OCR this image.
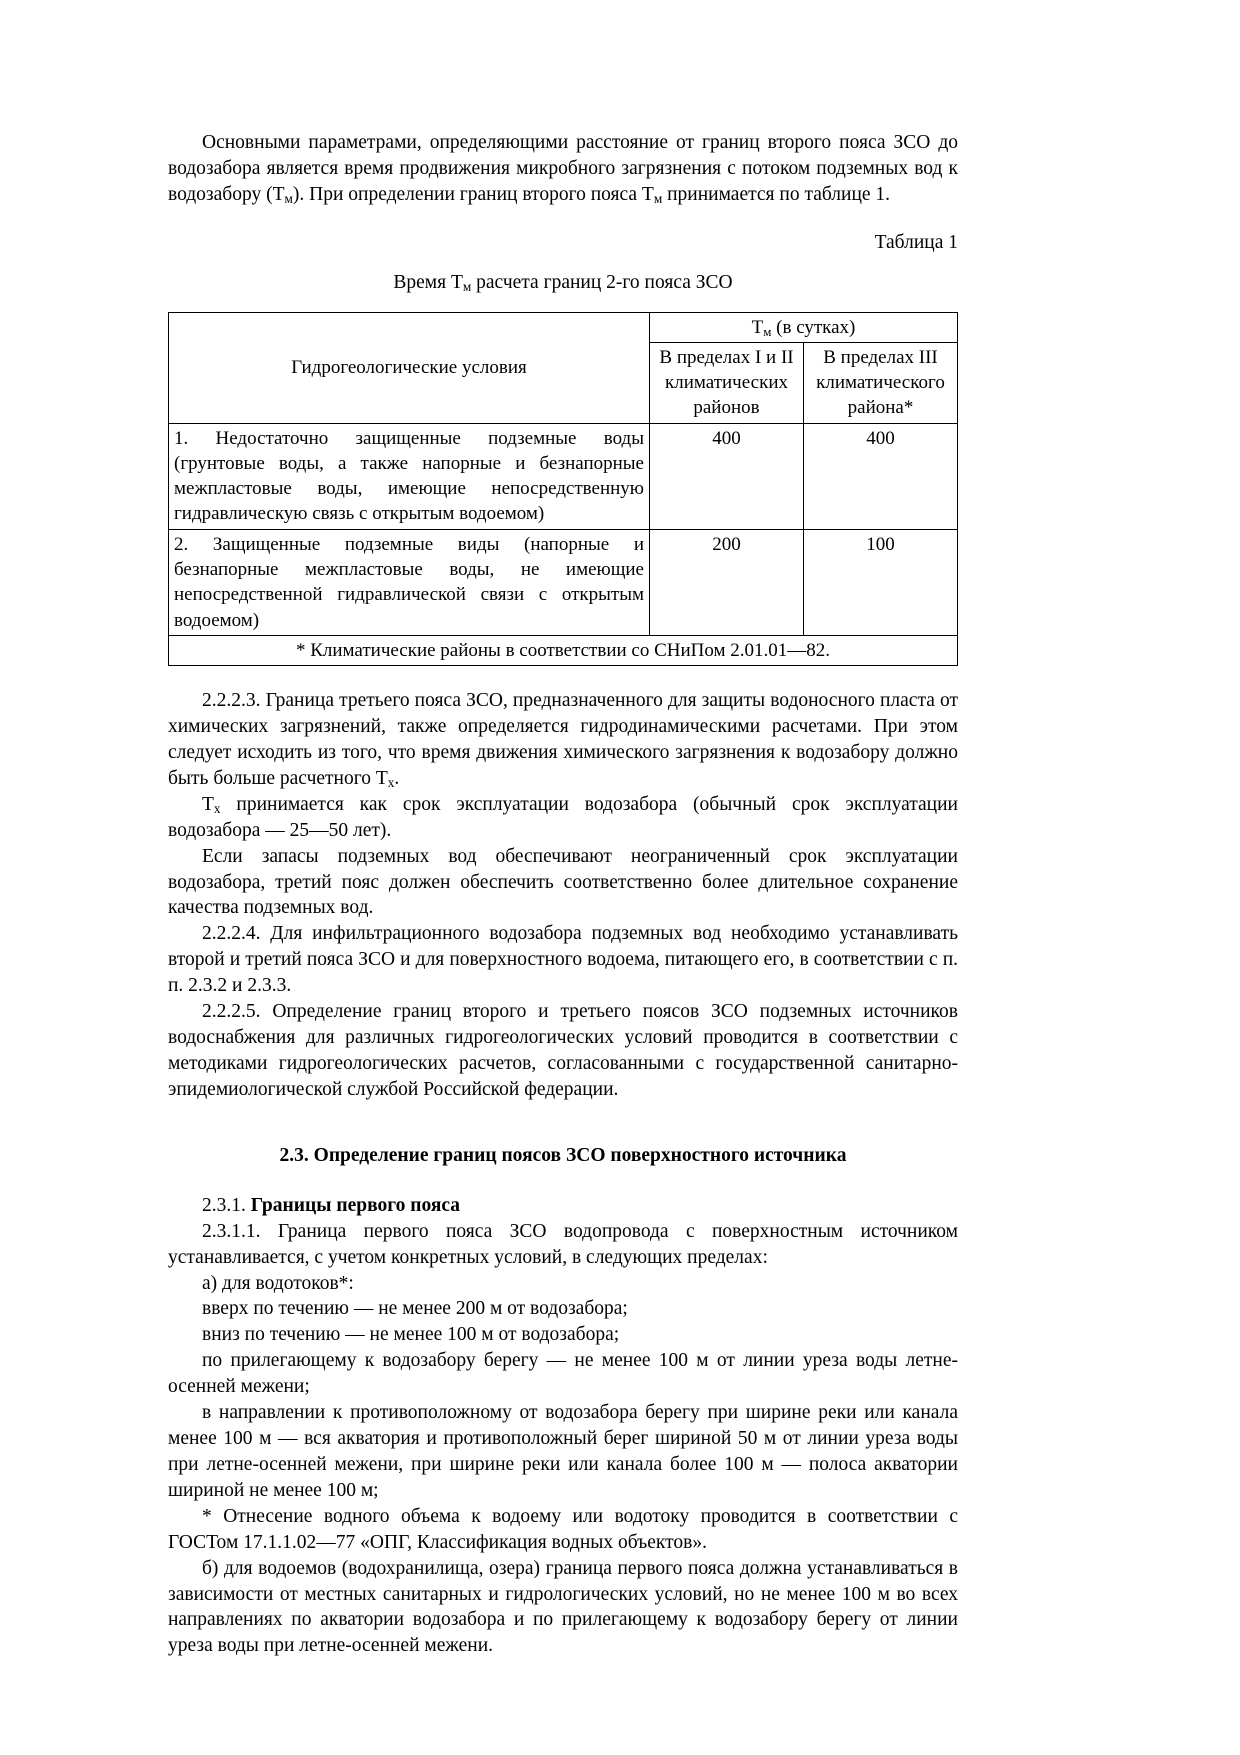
Основными параметрами, определяющими расстояние от границ второго пояса ЗСО до водозабора является время продвижения микробного загрязнения с потоком подземных вод к водозабору $(T_м)$. При определении границ второго пояса $T_м$ принимается по таблице 1.

Таблица 1
Время $T_м$ расчета границ 2-го пояса ЗСО
Гидрогеологические условия	$T_м$ (в сутках)	
	В пределах I и II климатических районов	В пределах III климатического района*
1. Недостаточно защищенные подземные воды (грунтовые воды, а также напорные и безнапорные межпластовые воды, имеющие непосредственную гидравлическую связь с открытым водоемом)	400	400
2. Защищенные подземные виды (напорные и безнапорные межпластовые воды, не имеющие непосредственной гидравлической связи с открытым водоемом)	200	100
* Климатические районы в соответствии со СНиПом 2.01.01—82.		

2.2.2.3. Граница третьего пояса ЗСО, предназначенного для защиты водоносного пласта от химических загрязнений, также определяется гидродинамическими расчетами. При этом следует исходить из того, что время движения химического загрязнения к водозабору должно быть больше расчетного $T_х$.

$T_х$ принимается как срок эксплуатации водозабора (обычный срок эксплуатации водозабора — 25—50 лет).

Если запасы подземных вод обеспечивают неограниченный срок эксплуатации водозабора, третий пояс должен обеспечить соответственно более длительное сохранение качества подземных вод.

2.2.2.4. Для инфильтрационного водозабора подземных вод необходимо устанавливать второй и третий пояса ЗСО и для поверхностного водоема, питающего его, в соответствии с п. п. 2.3.2 и 2.3.3.

2.2.2.5. Определение границ второго и третьего поясов ЗСО подземных источников водоснабжения для различных гидрогеологических условий проводится в соответствии с методиками гидрогеологических расчетов, согласованными с государственной санитарно-эпидемиологической службой Российской федерации.

2.3. Определение границ поясов ЗСО поверхностного источника

2.3.1. Границы первого пояса

2.3.1.1. Граница первого пояса ЗСО водопровода с поверхностным источником устанавливается, с учетом конкретных условий, в следующих пределах:

а) для водотоков*:

вверх по течению — не менее 200 м от водозабора;

вниз по течению — не менее 100 м от водозабора;

по прилегающему к водозабору берегу — не менее 100 м от линии уреза воды летне-осенней межени;

в направлении к противоположному от водозабора берегу при ширине реки или канала менее 100 м — вся акватория и противоположный берег шириной 50 м от линии уреза воды при летне-осенней межени, при ширине реки или канала более 100 м — полоса акватории шириной не менее 100 м;

* Отнесение водного объема к водоему или водотоку проводится в соответствии с ГОСТом 17.1.1.02—77 «ОПГ, Классификация водных объектов».

б) для водоемов (водохранилища, озера) граница первого пояса должна устанавливаться в зависимости от местных санитарных и гидрологических условий, но не менее 100 м во всех направлениях по акватории водозабора и по прилегающему к водозабору берегу от линии уреза воды при летне-осенней межени.
